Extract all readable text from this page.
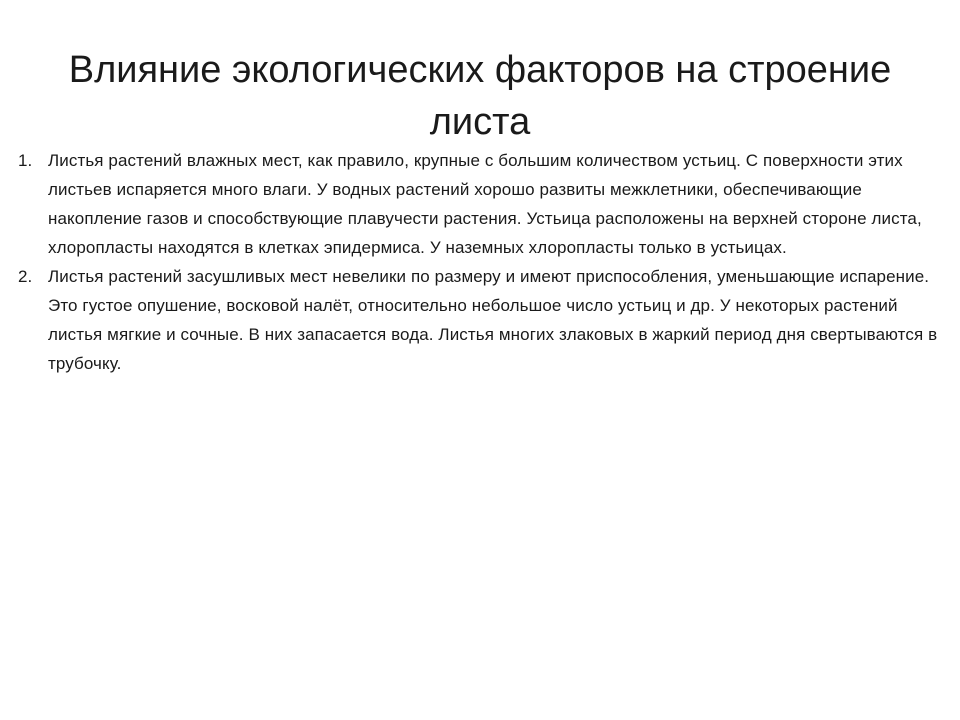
Влияние экологических факторов на строение листа
1. Листья растений влажных мест, как правило, крупные с большим количеством устьиц. С поверхности этих листьев испаряется много влаги. У водных растений хорошо развиты межклетники, обеспечивающие накопление газов и способствующие плавучести растения. Устьица расположены на верхней стороне листа, хлоропласты находятся в клетках эпидермиса. У наземных хлоропласты только в устьицах.
2. Листья растений засушливых мест невелики по размеру и имеют приспособления, уменьшающие испарение. Это густое опушение, восковой налёт, относительно небольшое число устьиц и др. У некоторых растений листья мягкие и сочные. В них запасается вода. Листья многих злаковых в жаркий период дня свертываются в трубочку.
